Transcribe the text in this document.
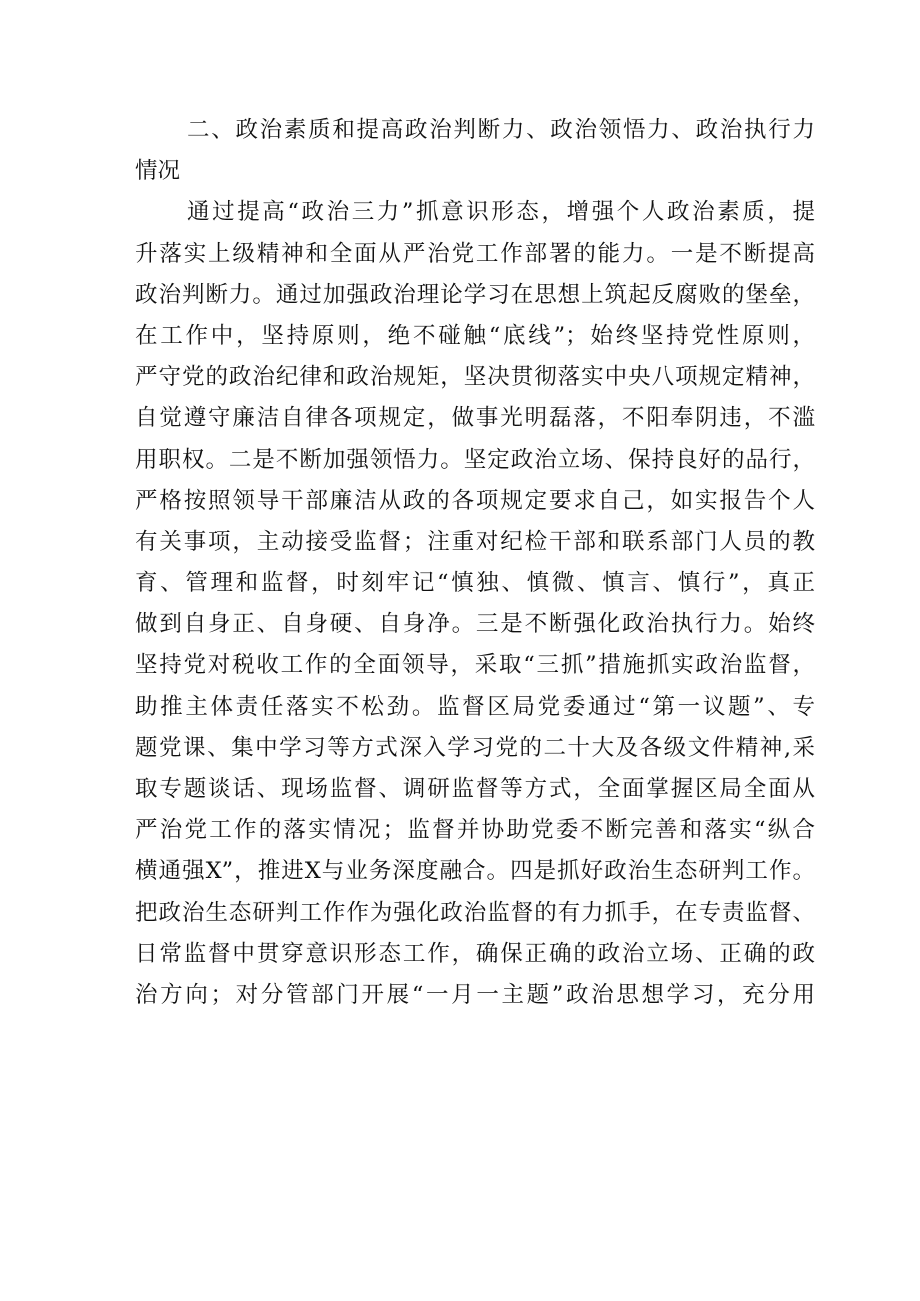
二、政治素质和提高政治判断力、政治领悟力、政治执行力
情况
通过提高“政治三力”抓意识形态，增强个人政治素质，提
升落实上级精神和全面从严治党工作部署的能力。一是不断提高
政治判断力。通过加强政治理论学习在思想上筑起反腐败的堡垒，
在工作中，坚持原则，绝不碰触“底线”；始终坚持党性原则，
严守党的政治纪律和政治规矩，坚决贯彻落实中央八项规定精神，
自觉遵守廉洁自律各项规定，做事光明磊落，不阳奉阴违，不滥
用职权。二是不断加强领悟力。坚定政治立场、保持良好的品行，
严格按照领导干部廉洁从政的各项规定要求自己，如实报告个人
有关事项，主动接受监督；注重对纪检干部和联系部门人员的教
育、管理和监督，时刻牢记“慎独、慎微、慎言、慎行”，真正
做到自身正、自身硬、自身净。三是不断强化政治执行力。始终
坚持党对税收工作的全面领导，采取“三抓”措施抓实政治监督，
助推主体责任落实不松劲。监督区局党委通过“第一议题”、专
题党课、集中学习等方式深入学习党的二十大及各级文件精神,采
取专题谈话、现场监督、调研监督等方式，全面掌握区局全面从
严治党工作的落实情况；监督并协助党委不断完善和落实“纵合
横通强X”，推进X与业务深度融合。四是抓好政治生态研判工作。
把政治生态研判工作作为强化政治监督的有力抓手，在专责监督、
日常监督中贯穿意识形态工作，确保正确的政治立场、正确的政
治方向；对分管部门开展“一月一主题”政治思想学习，充分用
